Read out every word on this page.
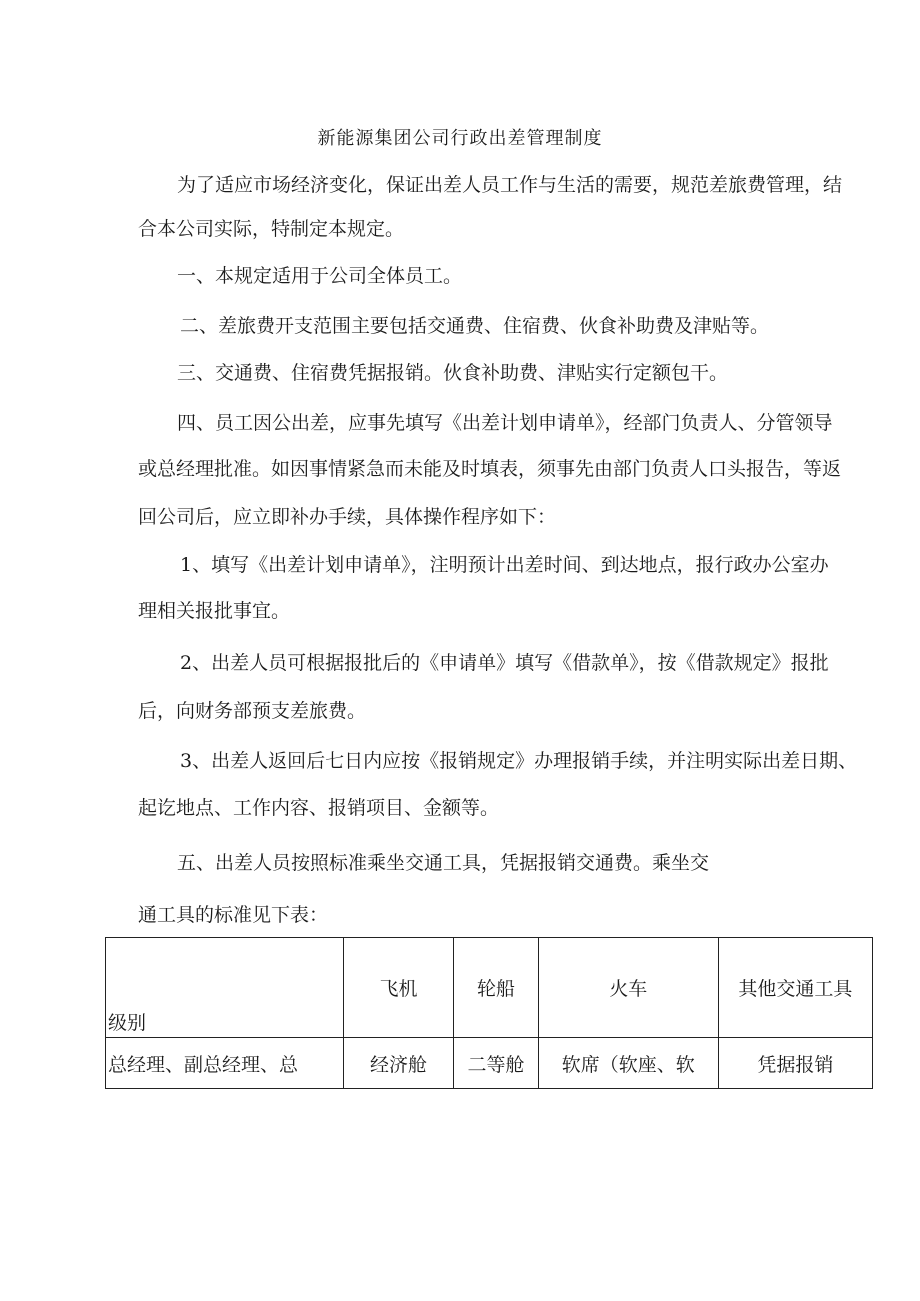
新能源集团公司行政出差管理制度
为了适应市场经济变化，保证出差人员工作与生活的需要，规范差旅费管理，结
合本公司实际，特制定本规定。
一、本规定适用于公司全体员工。
二、差旅费开支范围主要包括交通费、住宿费、伙食补助费及津贴等。
三、交通费、住宿费凭据报销。伙食补助费、津贴实行定额包干。
四、员工因公出差，应事先填写《出差计划申请单》，经部门负责人、分管领导
或总经理批准。如因事情紧急而未能及时填表，须事先由部门负责人口头报告，等返
回公司后，应立即补办手续，具体操作程序如下：
1、填写《出差计划申请单》，注明预计出差时间、到达地点，报行政办公室办
理相关报批事宜。
2、出差人员可根据报批后的《申请单》填写《借款单》，按《借款规定》报批
后，向财务部预支差旅费。
3、出差人返回后七日内应按《报销规定》办理报销手续，并注明实际出差日期、
起讫地点、工作内容、报销项目、金额等。
五、出差人员按照标准乘坐交通工具，凭据报销交通费。乘坐交
通工具的标准见下表：
级别	飞机	轮船	火车	其他交通工具
总经理、副总经理、总	经济舱	二等舱	软席（软座、软	凭据报销
